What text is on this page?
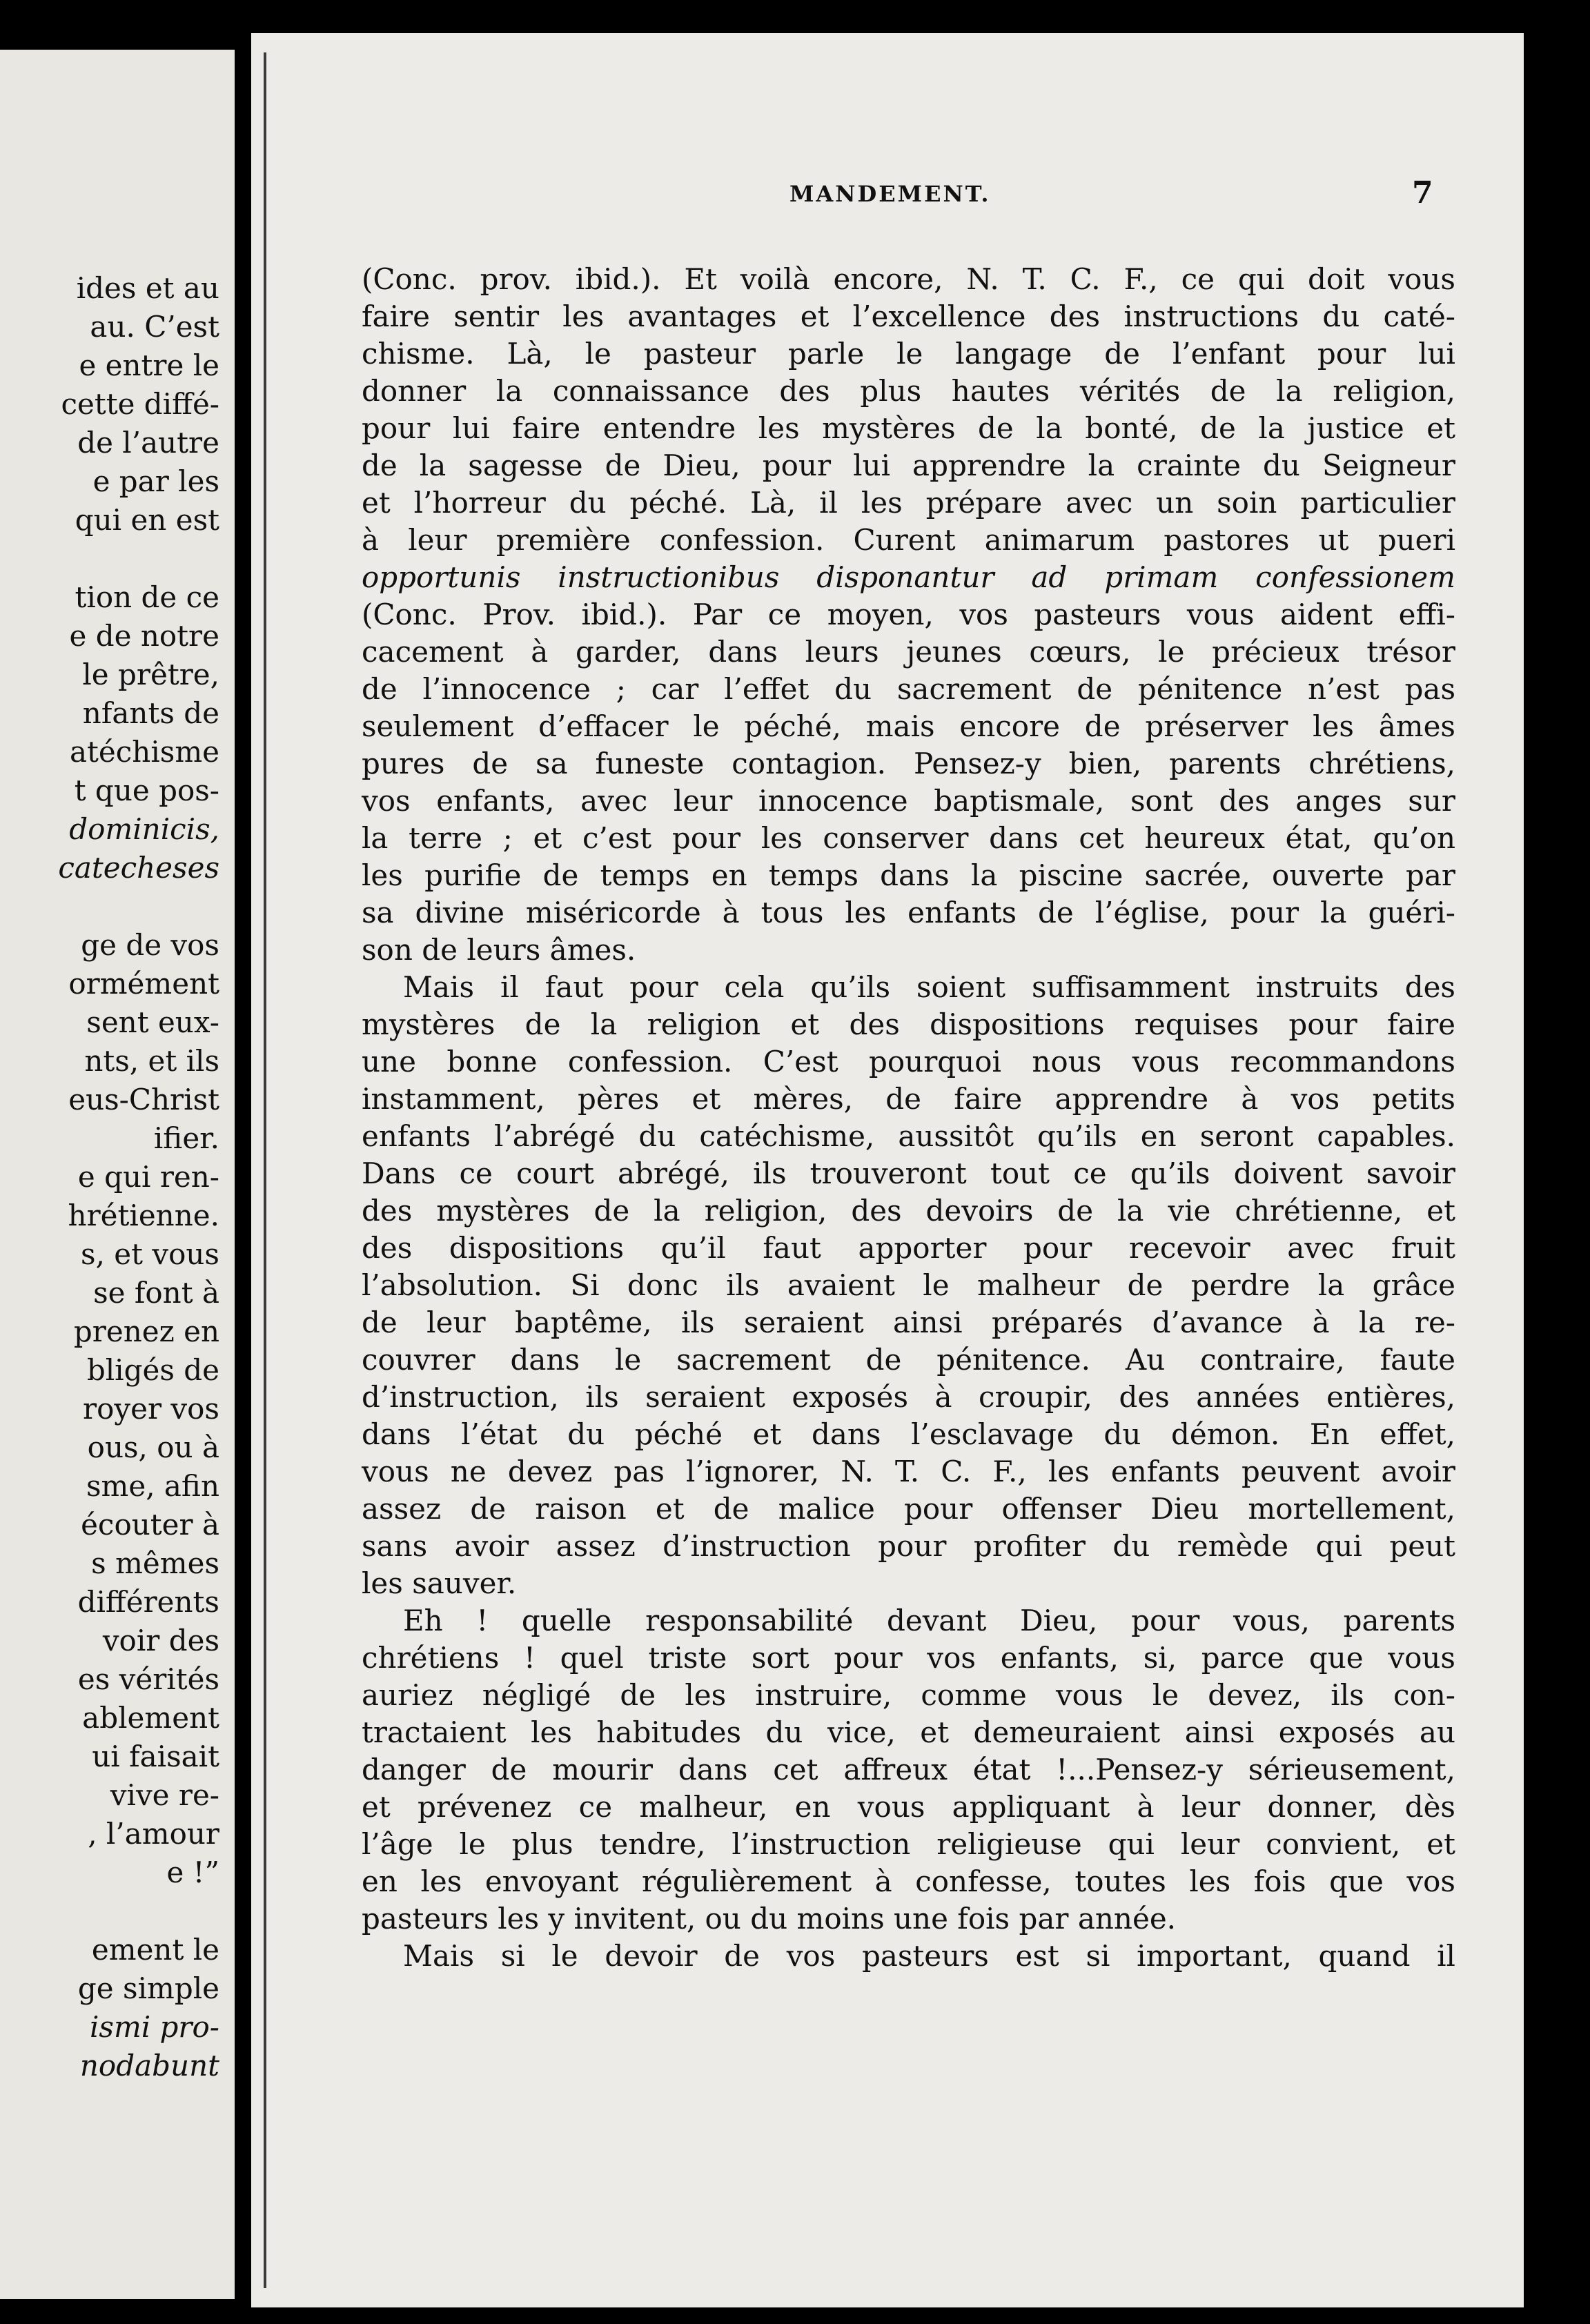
ides et au
au. C’est
e entre le
cette diffé-
de l’autre
e par les
qui en est
tion de ce
e de notre
le prêtre,
nfants de
atéchisme
t que pos-
dominicis,
catecheses
ge de vos
ormément
sent eux-
nts, et ils
eus-Christ
ifier.
e qui ren-
hrétienne.
s, et vous
se font à
prenez en
bligés de
royer vos
ous, ou à
sme, afin
écouter à
s mêmes
différents
voir des
es vérités
ablement
ui faisait
vive re-
, l’amour
e !”
ement le
ge simple
ismi pro-
nodabunt
MANDEMENT.	7
(Conc. prov. ibid.). Et voilà encore, N. T. C. F., ce qui doit vous
faire sentir les avantages et l’excellence des instructions du caté-
chisme. Là, le pasteur parle le langage de l’enfant pour lui
donner la connaissance des plus hautes vérités de la religion,
pour lui faire entendre les mystères de la bonté, de la justice et
de la sagesse de Dieu, pour lui apprendre la crainte du Seigneur
et l’horreur du péché. Là, il les prépare avec un soin particulier
à leur première confession. Curent animarum pastores ut pueri
opportunis instructionibus disponantur ad primam confessionem
(Conc. Prov. ibid.). Par ce moyen, vos pasteurs vous aident effi-
cacement à garder, dans leurs jeunes cœurs, le précieux trésor
de l’innocence ; car l’effet du sacrement de pénitence n’est pas
seulement d’effacer le péché, mais encore de préserver les âmes
pures de sa funeste contagion. Pensez-y bien, parents chrétiens,
vos enfants, avec leur innocence baptismale, sont des anges sur
la terre ; et c’est pour les conserver dans cet heureux état, qu’on
les purifie de temps en temps dans la piscine sacrée, ouverte par
sa divine miséricorde à tous les enfants de l’église, pour la guéri-
son de leurs âmes.
Mais il faut pour cela qu’ils soient suffisamment instruits des
mystères de la religion et des dispositions requises pour faire
une bonne confession. C’est pourquoi nous vous recommandons
instamment, pères et mères, de faire apprendre à vos petits
enfants l’abrégé du catéchisme, aussitôt qu’ils en seront capables.
Dans ce court abrégé, ils trouveront tout ce qu’ils doivent savoir
des mystères de la religion, des devoirs de la vie chrétienne, et
des dispositions qu’il faut apporter pour recevoir avec fruit
l’absolution. Si donc ils avaient le malheur de perdre la grâce
de leur baptême, ils seraient ainsi préparés d’avance à la re-
couvrer dans le sacrement de pénitence. Au contraire, faute
d’instruction, ils seraient exposés à croupir, des années entières,
dans l’état du péché et dans l’esclavage du démon. En effet,
vous ne devez pas l’ignorer, N. T. C. F., les enfants peuvent avoir
assez de raison et de malice pour offenser Dieu mortellement,
sans avoir assez d’instruction pour profiter du remède qui peut
les sauver.
Eh ! quelle responsabilité devant Dieu, pour vous, parents
chrétiens ! quel triste sort pour vos enfants, si, parce que vous
auriez négligé de les instruire, comme vous le devez, ils con-
tractaient les habitudes du vice, et demeuraient ainsi exposés au
danger de mourir dans cet affreux état !...Pensez-y sérieusement,
et prévenez ce malheur, en vous appliquant à leur donner, dès
l’âge le plus tendre, l’instruction religieuse qui leur convient, et
en les envoyant régulièrement à confesse, toutes les fois que vos
pasteurs les y invitent, ou du moins une fois par année.
Mais si le devoir de vos pasteurs est si important, quand il
